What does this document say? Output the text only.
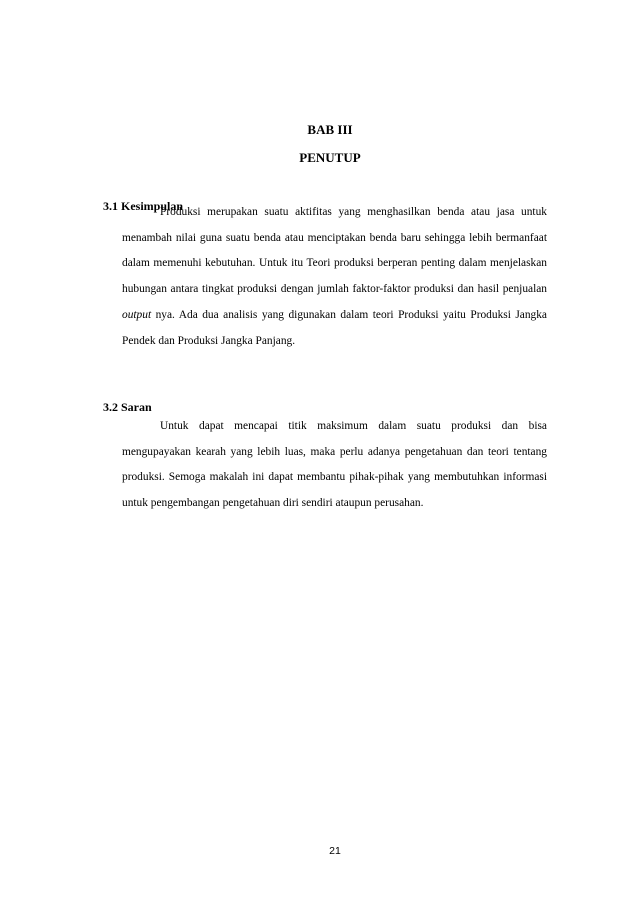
BAB III
PENUTUP
3.1 Kesimpulan

Produksi merupakan suatu aktifitas yang menghasilkan benda atau jasa untuk menambah nilai guna suatu benda atau menciptakan benda baru sehingga lebih bermanfaat dalam memenuhi kebutuhan. Untuk itu Teori produksi berperan penting dalam menjelaskan hubungan antara tingkat produksi dengan jumlah faktor-faktor produksi dan hasil penjualan output nya. Ada dua analisis yang digunakan dalam teori Produksi yaitu Produksi Jangka Pendek dan Produksi Jangka Panjang.

3.2 Saran

Untuk dapat mencapai titik maksimum dalam suatu produksi dan bisa mengupayakan kearah yang lebih luas, maka perlu adanya pengetahuan dan teori tentang produksi. Semoga makalah ini dapat membantu pihak-pihak yang membutuhkan informasi untuk pengembangan pengetahuan diri sendiri ataupun perusahan.

21
